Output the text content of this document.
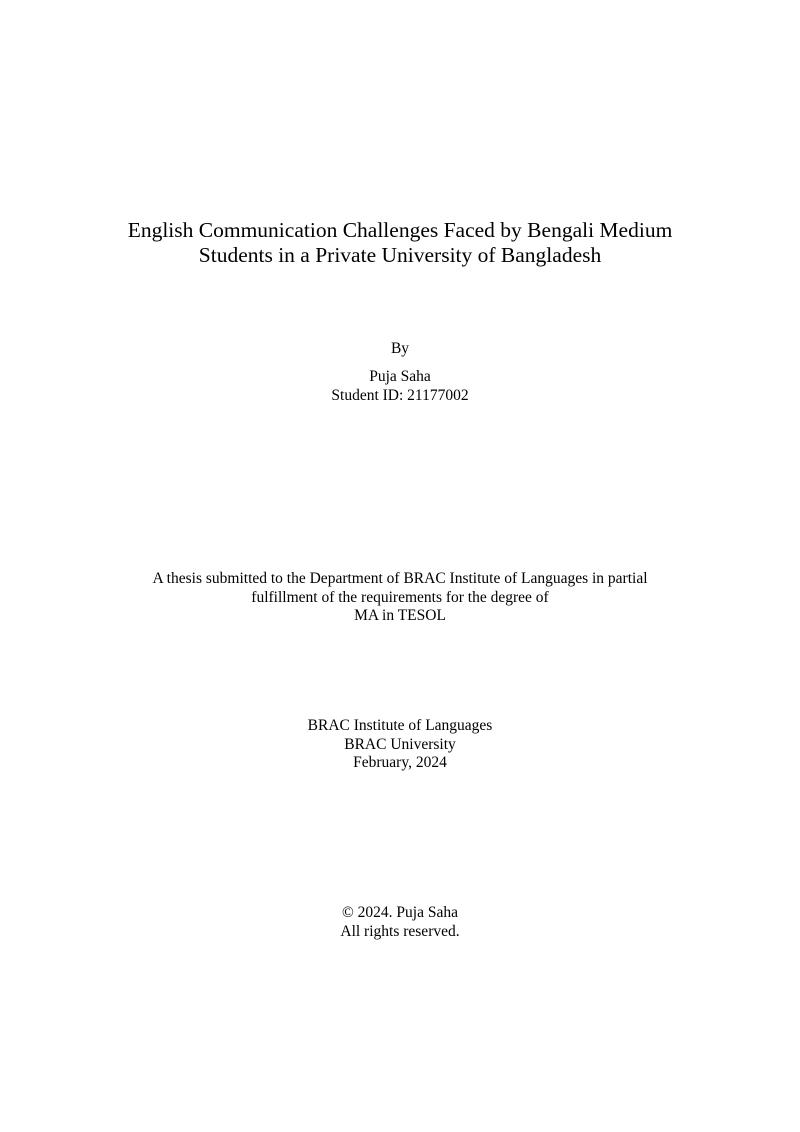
English Communication Challenges Faced by Bengali Medium
Students in a Private University of Bangladesh
By
Puja Saha
Student ID: 21177002
A thesis submitted to the Department of BRAC Institute of Languages in partial
fulfillment of the requirements for the degree of
MA in TESOL
BRAC Institute of Languages
BRAC University
February, 2024
© 2024. Puja Saha
All rights reserved.
